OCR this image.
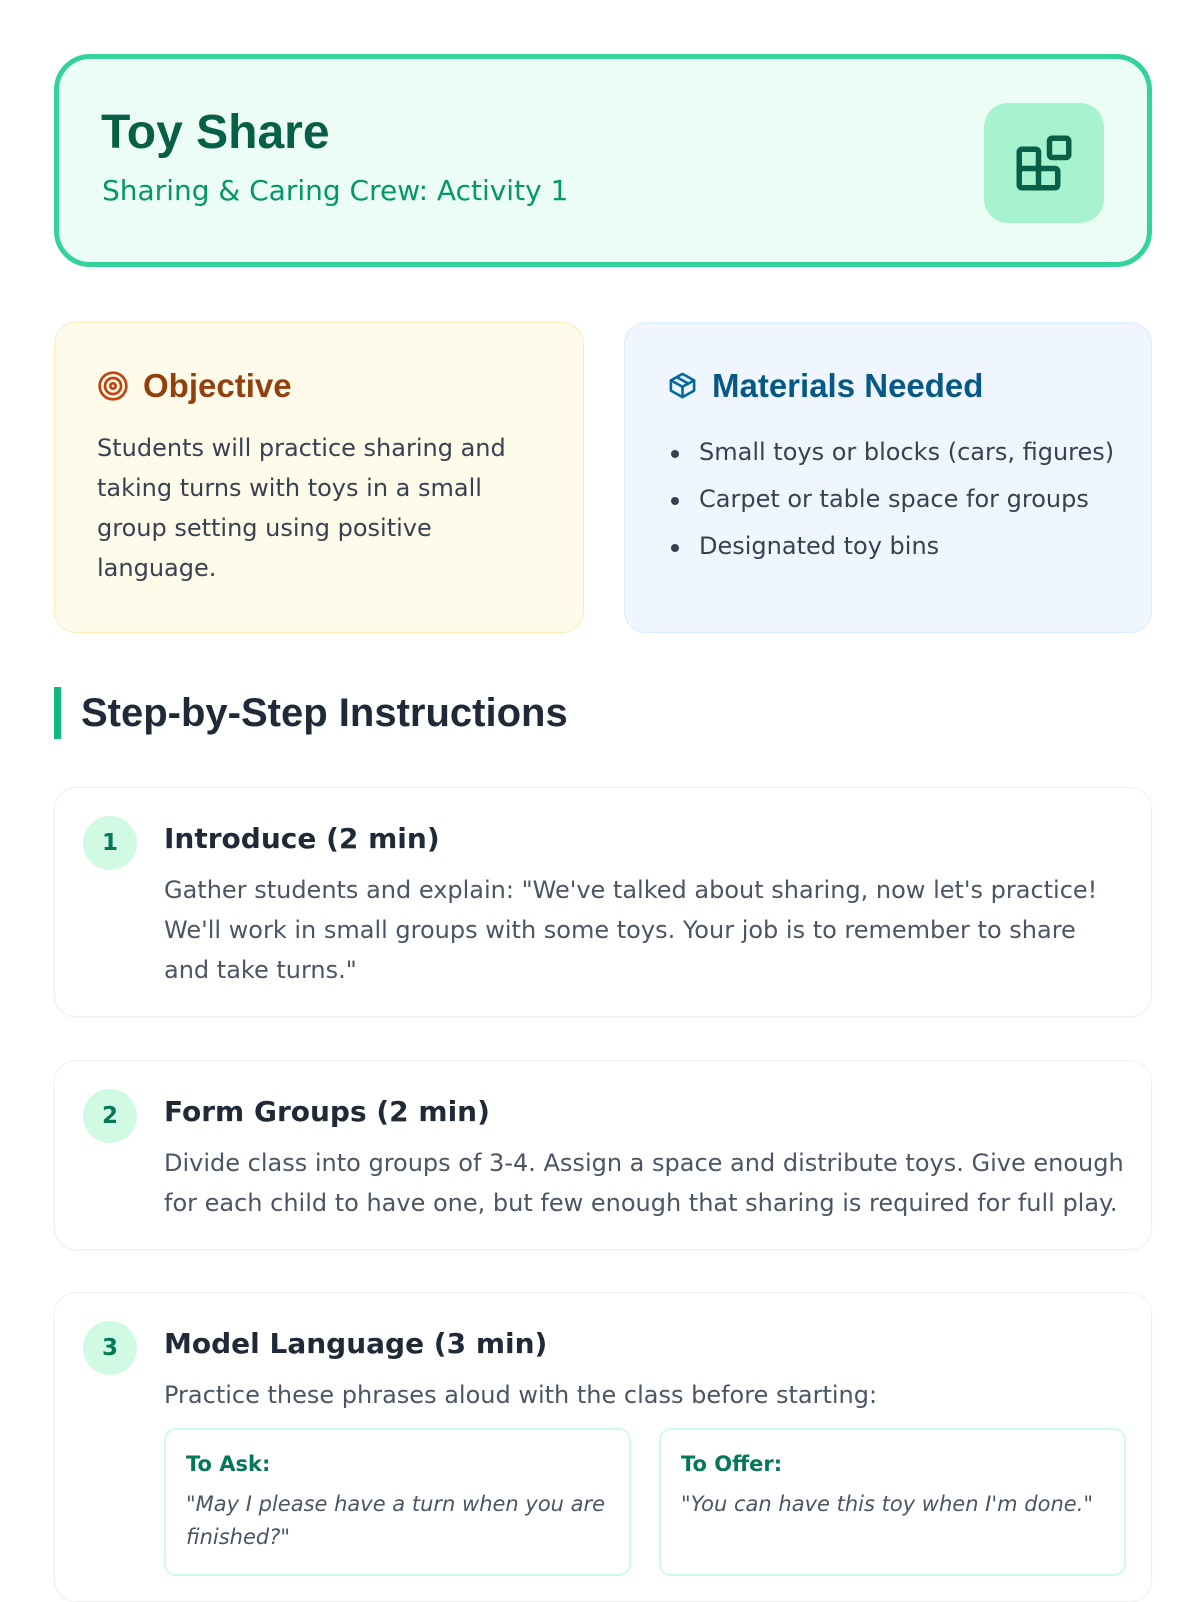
Toy Share

Sharing & Caring Crew: Activity 1

Objective

Students will practice sharing and taking turns with toys in a small group setting using positive language.

Materials Needed
Small toys or blocks (cars, figures)
Carpet or table space for groups
Designated toy bins
Step-by-Step Instructions
1	Introduce (2 min)

Gather students and explain: "We've talked about sharing, now let's practice! We'll work in small groups with some toys. Your job is to remember to share and take turns."

2	Form Groups (2 min)

Divide class into groups of 3-4. Assign a space and distribute toys. Give enough for each child to have one, but few enough that sharing is required for full play.

3	Model Language (3 min)

Practice these phrases aloud with the class before starting:

To Ask:

"May I please have a turn when you are finished?"

To Offer:

"You can have this toy when I'm done."
